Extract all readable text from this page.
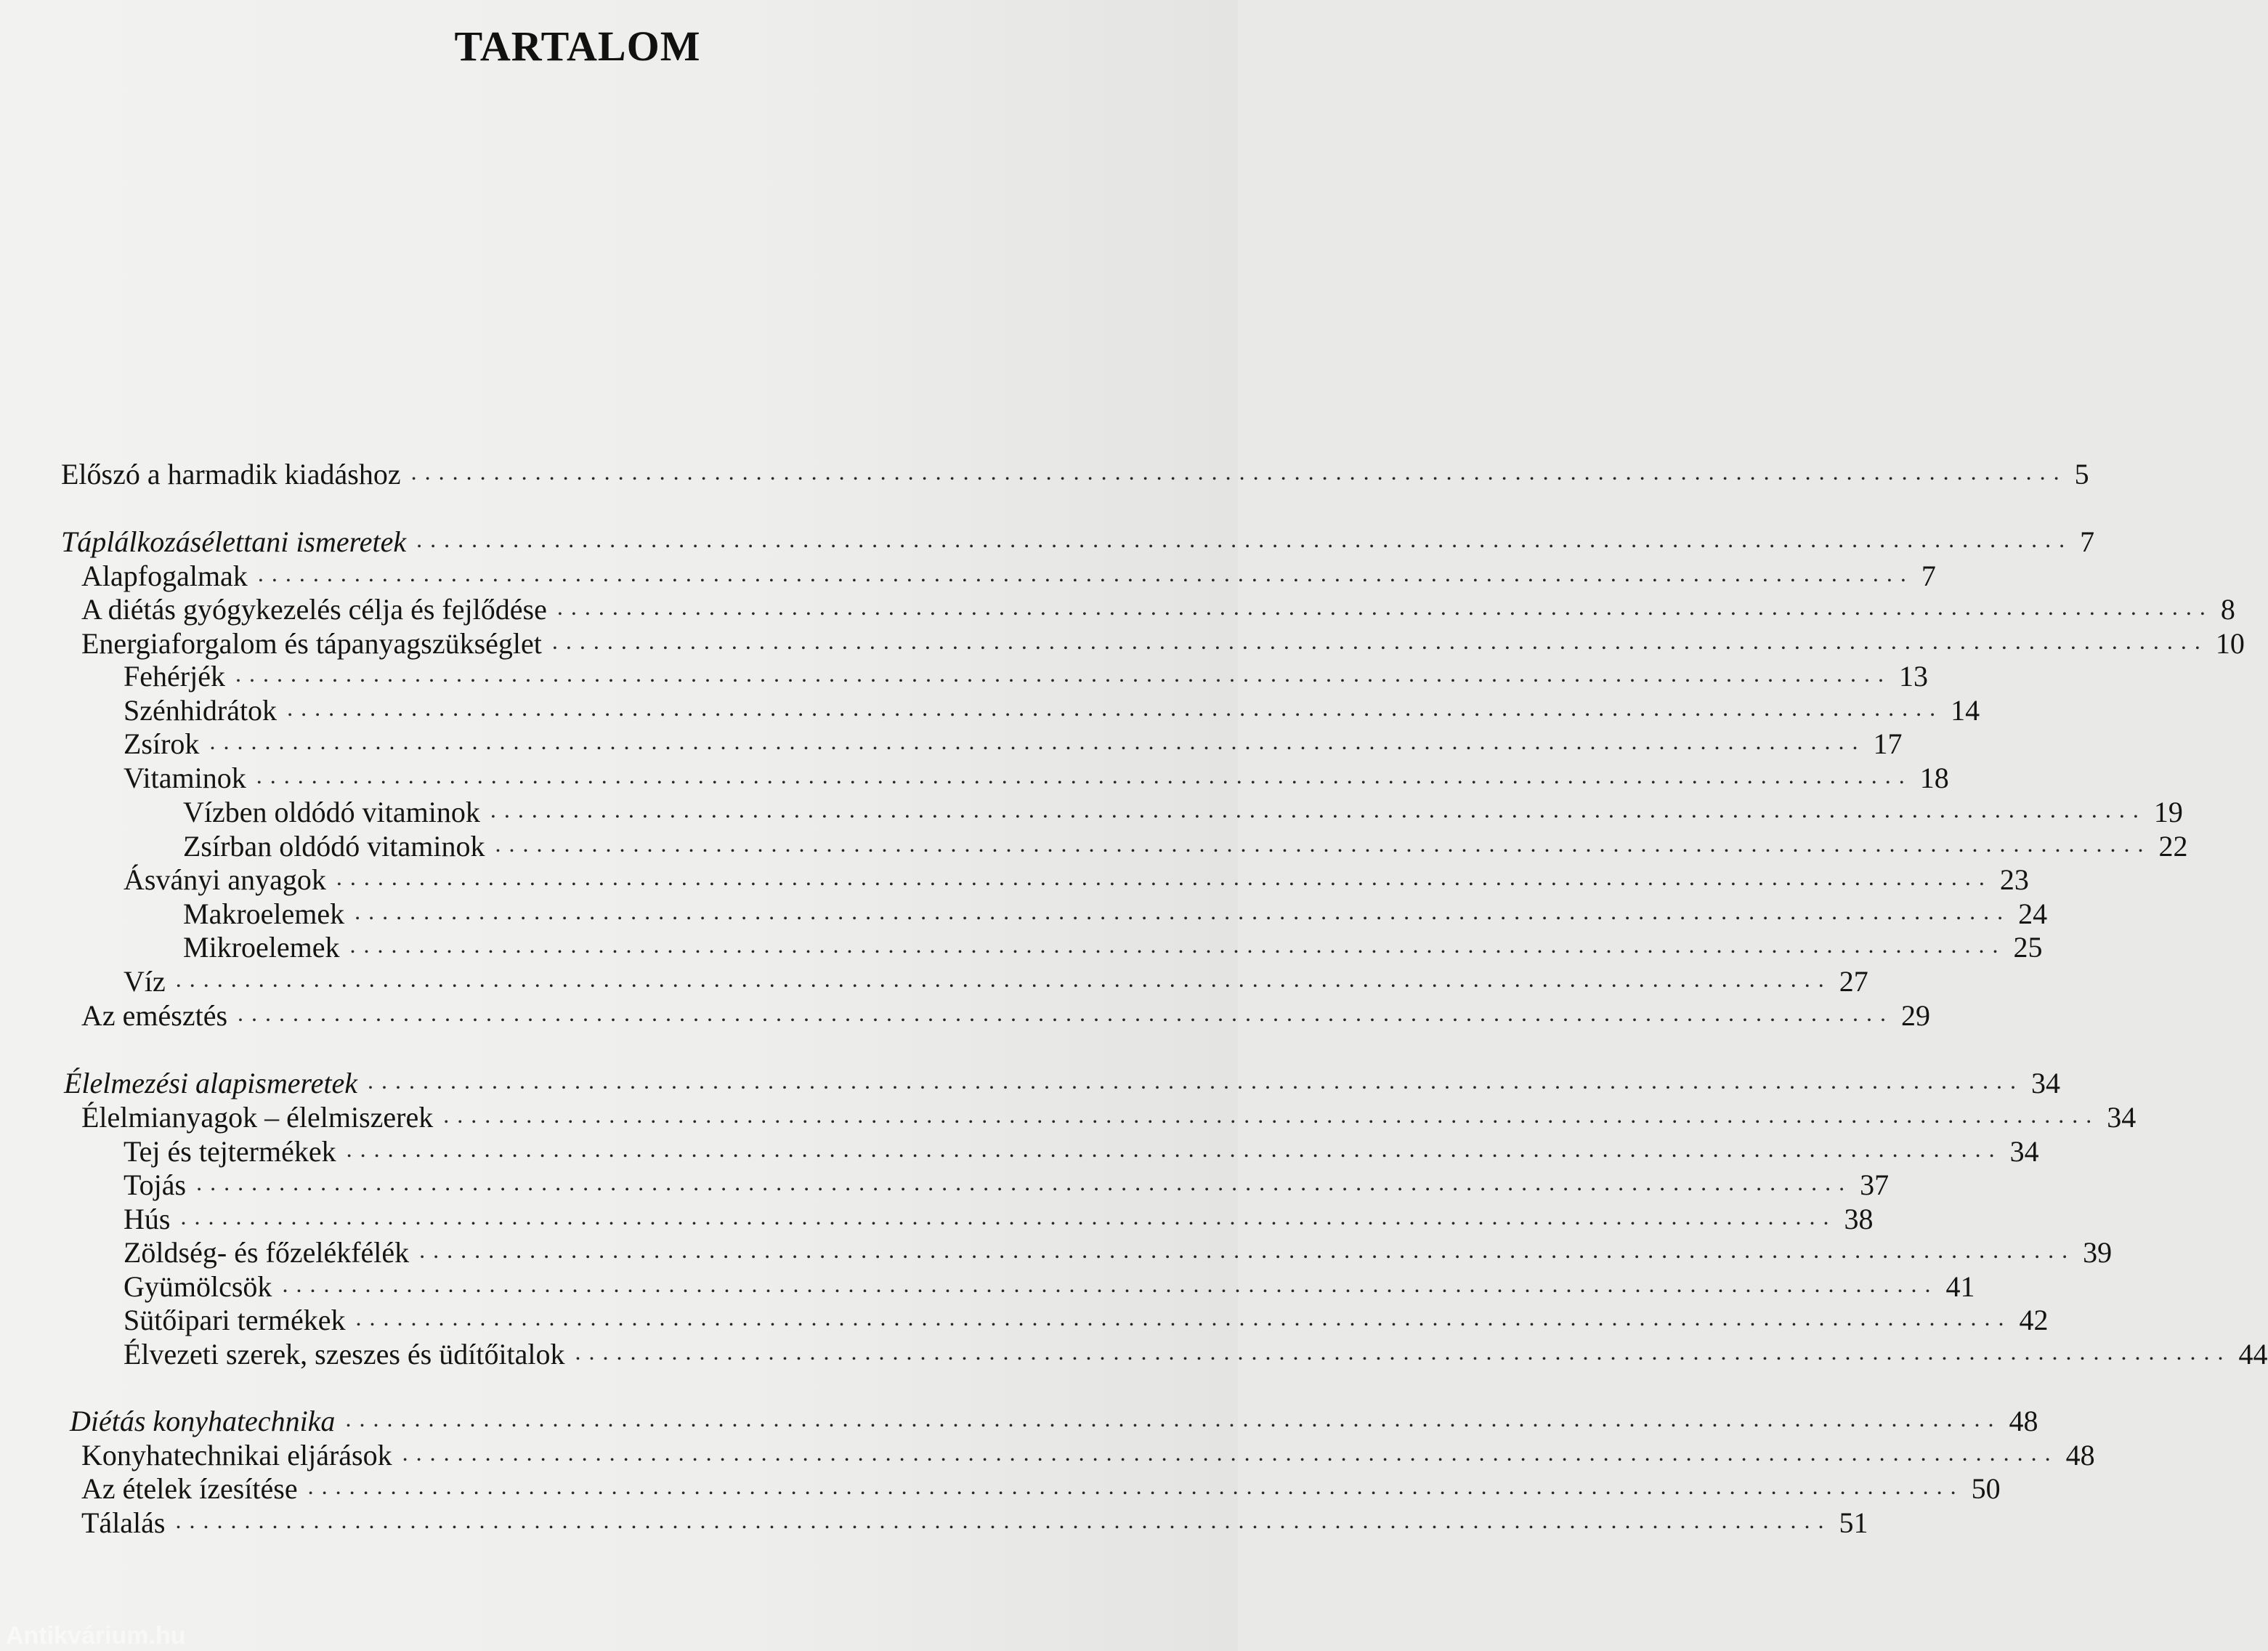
TARTALOM
Előszó a harmadik kiadáshoz ........................................................................................................................ 5
Táplálkozásélettani ismeretek ........................................................................................................................ 7
Alapfogalmak ........................................................................................................................ 7
A diétás gyógykezelés célja és fejlődése ........................................................................................................................ 8
Energiaforgalom és tápanyagszükséglet ........................................................................................................................ 10
Fehérjék ........................................................................................................................ 13
Szénhidrátok ........................................................................................................................ 14
Zsírok ........................................................................................................................ 17
Vitaminok ........................................................................................................................ 18
Vízben oldódó vitaminok ........................................................................................................................ 19
Zsírban oldódó vitaminok ........................................................................................................................ 22
Ásványi anyagok ........................................................................................................................ 23
Makroelemek ........................................................................................................................ 24
Mikroelemek ........................................................................................................................ 25
Víz ........................................................................................................................ 27
Az emésztés ........................................................................................................................ 29
Élelmezési alapismeretek ........................................................................................................................ 34
Élelmianyagok – élelmiszerek ........................................................................................................................ 34
Tej és tejtermékek ........................................................................................................................ 34
Tojás ........................................................................................................................ 37
Hús ........................................................................................................................ 38
Zöldség- és főzelékfélék ........................................................................................................................ 39
Gyümölcsök ........................................................................................................................ 41
Sütőipari termékek ........................................................................................................................ 42
Élvezeti szerek, szeszes és üdítőitalok ........................................................................................................................ 44
Diétás konyhatechnika ........................................................................................................................ 48
Konyhatechnikai eljárások ........................................................................................................................ 48
Az ételek ízesítése ........................................................................................................................ 50
Tálalás ........................................................................................................................ 51
Antikvárium.hu
